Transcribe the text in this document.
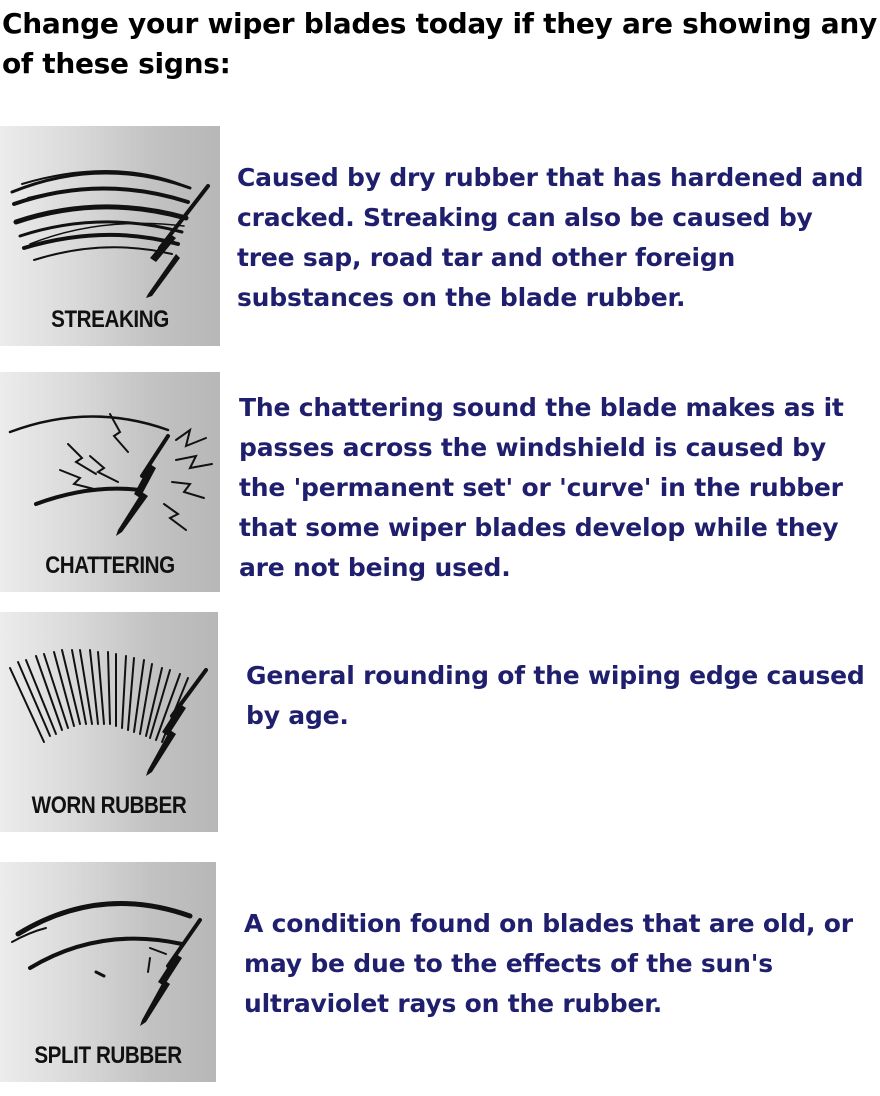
Change your wiper blades today if they are showing any of these signs:
STREAKING
Caused by dry rubber that has hardened and cracked. Streaking can also be caused by tree sap, road tar and other foreign substances on the blade rubber.
CHATTERING
The chattering sound the blade makes as it passes across the windshield is caused by the 'permanent set' or 'curve' in the rubber that some wiper blades develop while they are not being used.
WORN RUBBER
General rounding of the wiping edge caused by age.
SPLIT RUBBER
A condition found on blades that are old, or may be due to the effects of the sun's ultraviolet rays on the rubber.
